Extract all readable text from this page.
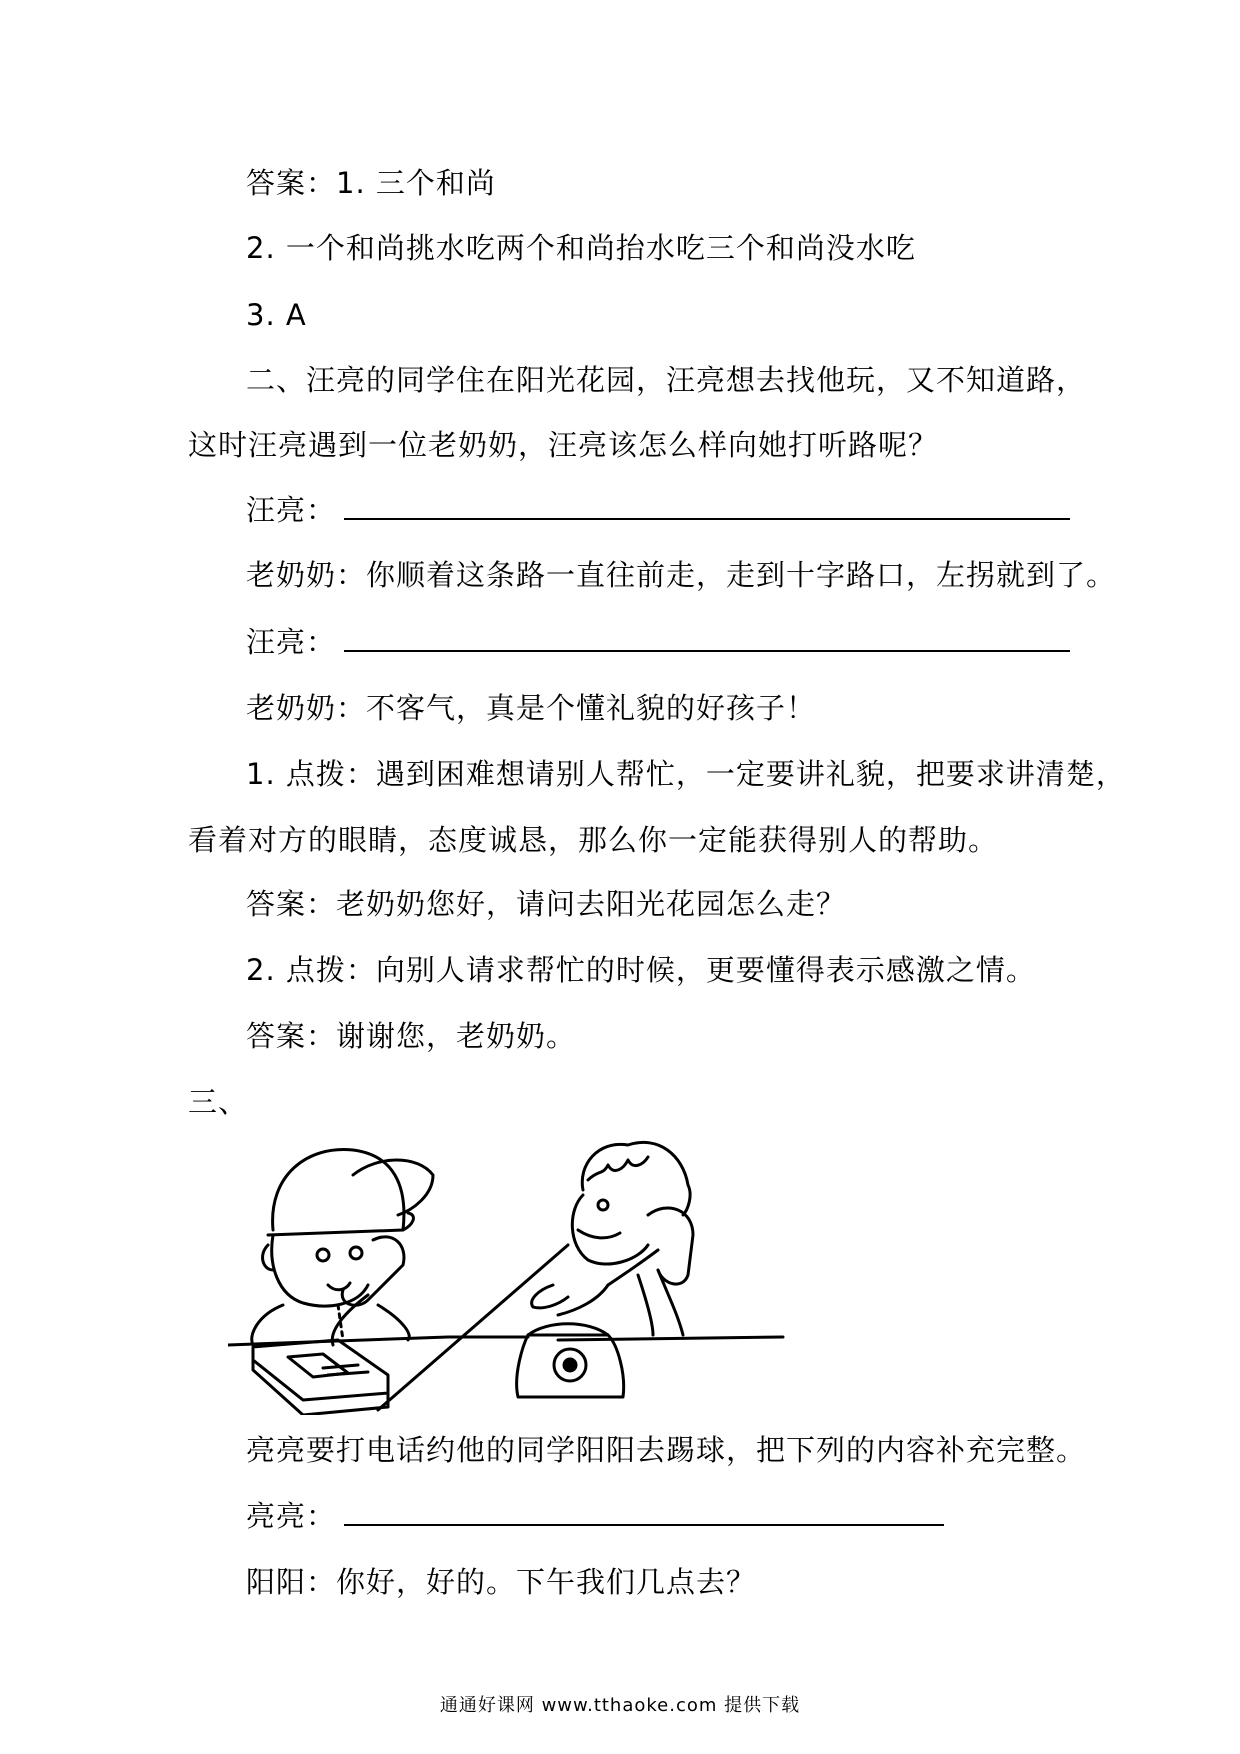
答案：1. 三个和尚
2. 一个和尚挑水吃两个和尚抬水吃三个和尚没水吃
3. A
二、汪亮的同学住在阳光花园，汪亮想去找他玩，又不知道路，
这时汪亮遇到一位老奶奶，汪亮该怎么样向她打听路呢？
汪亮：
老奶奶：你顺着这条路一直往前走，走到十字路口，左拐就到了。
汪亮：
老奶奶：不客气，真是个懂礼貌的好孩子！
1. 点拨：遇到困难想请别人帮忙，一定要讲礼貌，把要求讲清楚，
看着对方的眼睛，态度诚恳，那么你一定能获得别人的帮助。
答案：老奶奶您好，请问去阳光花园怎么走？
2. 点拨：向别人请求帮忙的时候，更要懂得表示感激之情。
答案：谢谢您，老奶奶。
三、
亮亮要打电话约他的同学阳阳去踢球，把下列的内容补充完整。
亮亮：
阳阳：你好，好的。下午我们几点去？
通通好课网 www.tthaoke.com 提供下载
